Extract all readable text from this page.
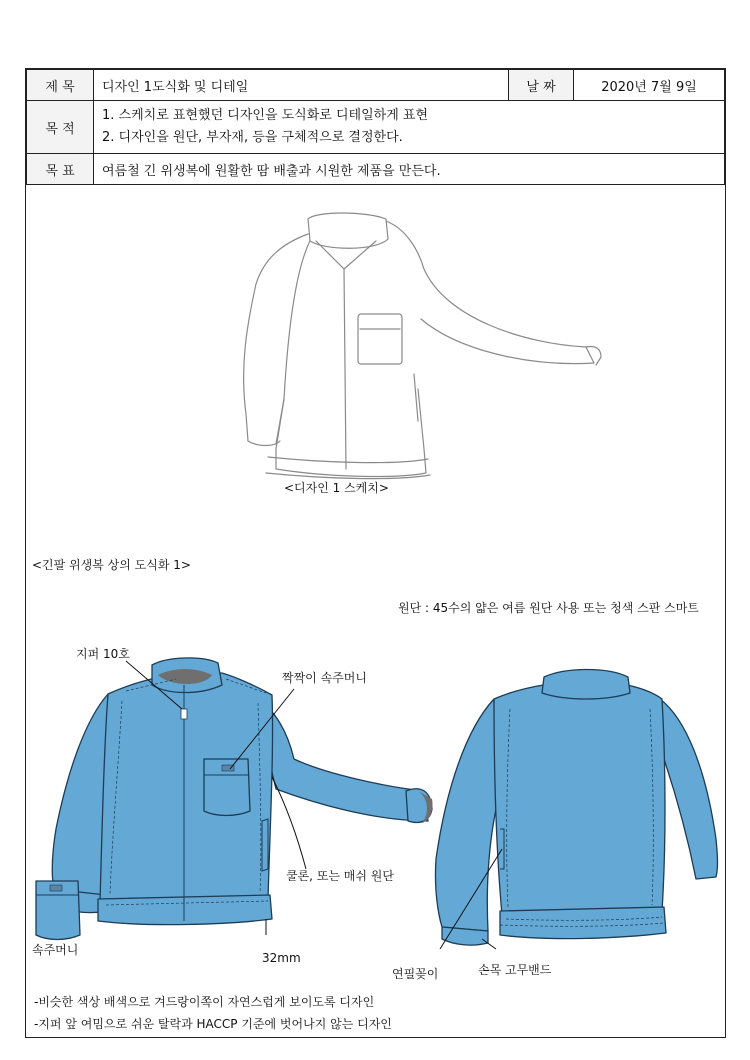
제 목	디자인 1도식화 및 디테일	날 짜	2020년 7월 9일
목 적	1. 스케치로 표현했던 디자인을 도식화로 디테일하게 표현
2. 디자인을 원단, 부자재, 등을 구체적으로 결정한다.		

목 표	여름철 긴 위생복에 원활한 땀 배출과 시원한 제품을 만든다.		
<디자인 1 스케치>
<긴팔 위생복 상의 도식화 1>
원단 : 45수의 얇은 여름 원단 사용 또는 청색 스판 스마트
지퍼 10호
짝짝이 속주머니
쿨론, 또는 매쉬 원단
속주머니
32mm
연필꽂이	손목 고무밴드
-비슷한 색상 배색으로 겨드랑이쪽이 자연스럽게 보이도록 디자인
-지퍼 앞 여밈으로 쉬운 탈락과 HACCP 기준에 벗어나지 않는 디자인
